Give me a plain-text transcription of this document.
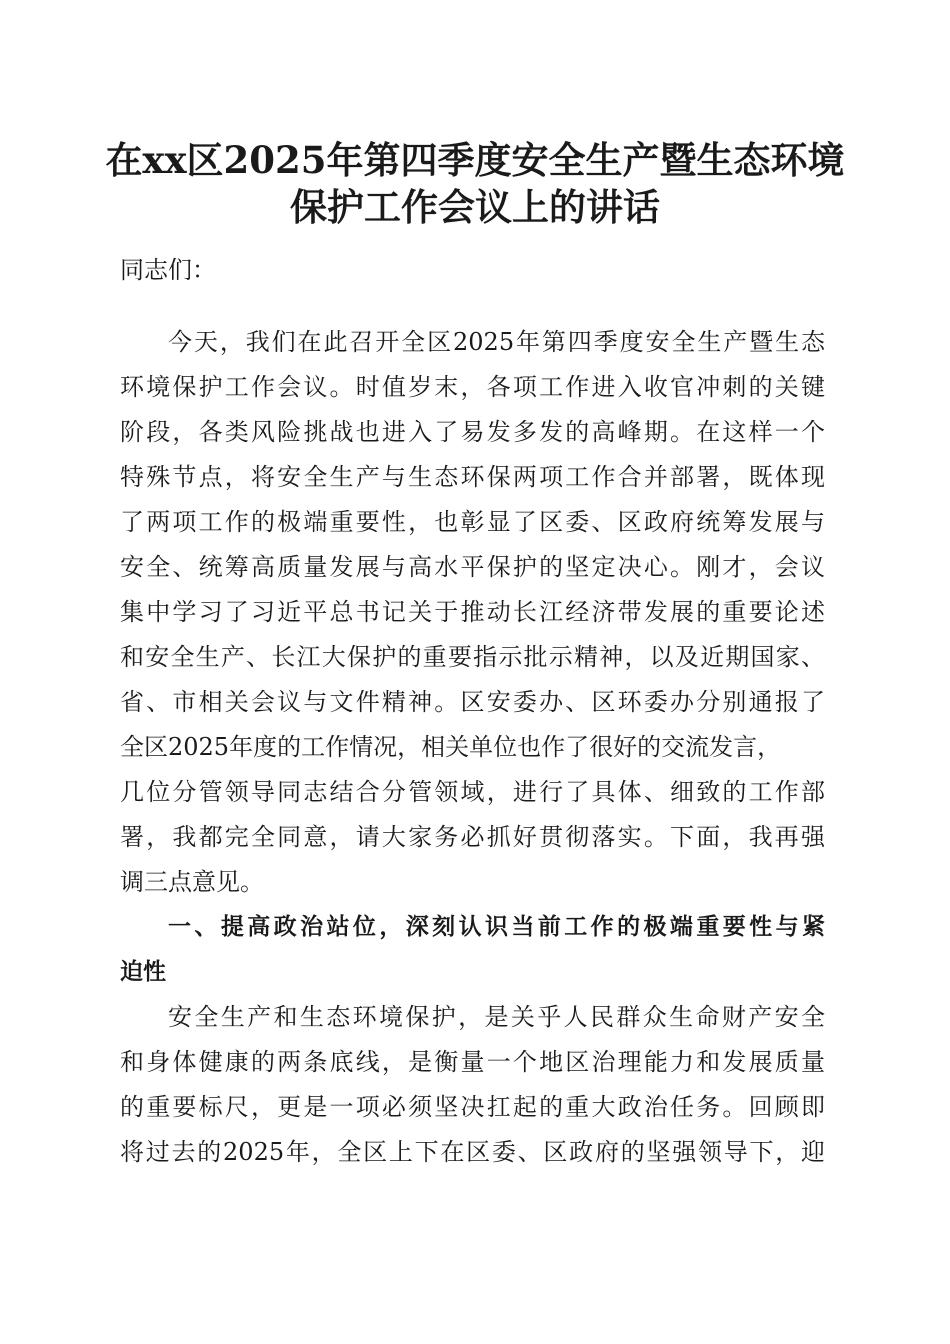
在xx区2025年第四季度安全生产暨生态环境
保护工作会议上的讲话
同志们：
今天，我们在此召开全区2025年第四季度安全生产暨生态
环境保护工作会议。时值岁末，各项工作进入收官冲刺的关键
阶段，各类风险挑战也进入了易发多发的高峰期。在这样一个
特殊节点，将安全生产与生态环保两项工作合并部署，既体现
了两项工作的极端重要性，也彰显了区委、区政府统筹发展与
安全、统筹高质量发展与高水平保护的坚定决心。刚才，会议
集中学习了习近平总书记关于推动长江经济带发展的重要论述
和安全生产、长江大保护的重要指示批示精神，以及近期国家、
省、市相关会议与文件精神。区安委办、区环委办分别通报了
全区2025年度的工作情况，相关单位也作了很好的交流发言，
几位分管领导同志结合分管领域，进行了具体、细致的工作部
署，我都完全同意，请大家务必抓好贯彻落实。下面，我再强
调三点意见。
一、提高政治站位，深刻认识当前工作的极端重要性与紧
迫性
安全生产和生态环境保护，是关乎人民群众生命财产安全
和身体健康的两条底线，是衡量一个地区治理能力和发展质量
的重要标尺，更是一项必须坚决扛起的重大政治任务。回顾即
将过去的2025年，全区上下在区委、区政府的坚强领导下，迎
